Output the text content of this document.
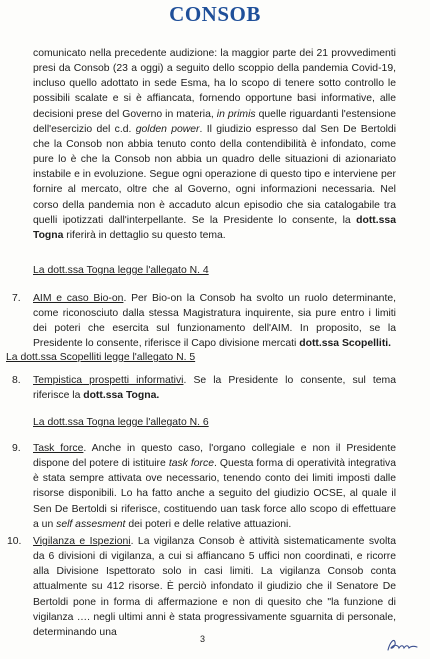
CONSOB
comunicato nella precedente audizione: la maggior parte dei 21 provvedimenti presi da Consob (23 a oggi) a seguito dello scoppio della pandemia Covid-19, incluso quello adottato in sede Esma, ha lo scopo di tenere sotto controllo le possibili scalate e si è affiancata, fornendo opportune basi informative, alle decisioni prese del Governo in materia, in primis quelle riguardanti l'estensione dell'esercizio del c.d. golden power. Il giudizio espresso dal Sen De Bertoldi che la Consob non abbia tenuto conto della contendibilità è infondato, come pure lo è che la Consob non abbia un quadro delle situazioni di azionariato instabile e in evoluzione. Segue ogni operazione di questo tipo e interviene per fornire al mercato, oltre che al Governo, ogni informazioni necessaria. Nel corso della pandemia non è accaduto alcun episodio che sia catalogabile tra quelli ipotizzati dall'interpellante. Se la Presidente lo consente, la dott.ssa Togna riferirà in dettaglio su questo tema.
La dott.ssa Togna legge l'allegato N. 4
7. AIM e caso Bio-on. Per Bio-on la Consob ha svolto un ruolo determinante, come riconosciuto dalla stessa Magistratura inquirente, sia pure entro i limiti dei poteri che esercita sul funzionamento dell'AIM. In proposito, se la Presidente lo consente, riferisce il Capo divisione mercati dott.ssa Scopelliti.
La dott.ssa Scopelliti legge l'allegato N. 5
8. Tempistica prospetti informativi. Se la Presidente lo consente, sul tema riferisce la dott.ssa Togna.
La dott.ssa Togna legge l'allegato N. 6
9. Task force. Anche in questo caso, l'organo collegiale e non il Presidente dispone del potere di istituire task force. Questa forma di operatività integrativa è stata sempre attivata ove necessario, tenendo conto dei limiti imposti dalle risorse disponibili. Lo ha fatto anche a seguito del giudizio OCSE, al quale il Sen De Bertoldi si riferisce, costituendo uan task force allo scopo di effettuare a un self assesment dei poteri e delle relative attuazioni.
10. Vigilanza e Ispezioni. La vigilanza Consob è attività sistematicamente svolta da 6 divisioni di vigilanza, a cui si affiancano 5 uffici non coordinati, e ricorre alla Divisione Ispettorato solo in casi limiti. La vigilanza Consob conta attualmente su 412 risorse. È perciò infondato il giudizio che il Senatore De Bertoldi pone in forma di affermazione e non di quesito che "la funzione di vigilanza …. negli ultimi anni è stata progressivamente sguarnita di personale, determinando una
3
